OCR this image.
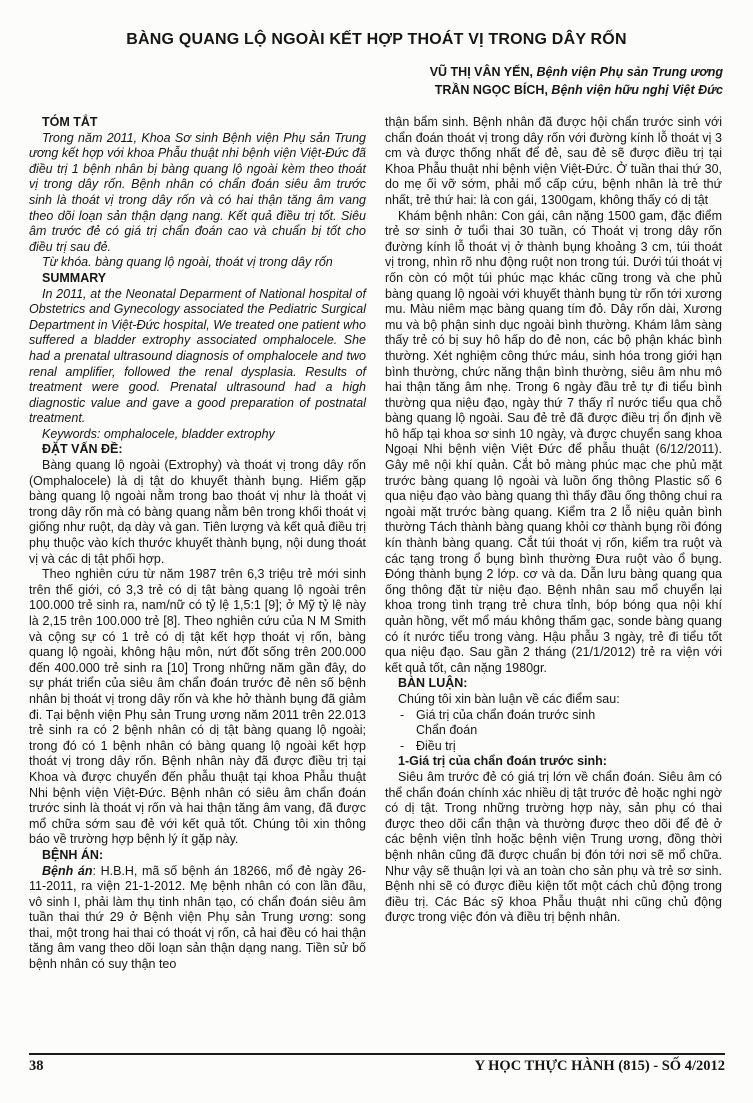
BÀNG QUANG LỘ NGOÀI KẾT HỢP THOÁT VỊ TRONG DÂY RỐN
VŨ THỊ VÂN YẾN, Bệnh viện Phụ sản Trung ương
TRẦN NGỌC BÍCH, Bệnh viện hữu nghị Việt Đức
TÓM TẮT

Trong năm 2011, Khoa Sơ sinh Bệnh viện Phụ sản Trung ương kết hợp với khoa Phẫu thuật nhi bệnh viện Việt-Đức đã điều trị 1 bệnh nhân bị bàng quang lộ ngoài kèm theo thoát vị trong dây rốn. Bệnh nhân có chẩn đoán siêu âm trước sinh là thoát vị trong dây rốn và có hai thận tăng âm vang theo dõi loạn sản thận dạng nang. Kết quả điều trị tốt. Siêu âm trước đẻ có giá trị chẩn đoán cao và chuẩn bị tốt cho điều trị sau đẻ.

Từ khóa. bàng quang lộ ngoài, thoát vị trong dây rốn

SUMMARY

In 2011, at the Neonatal Deparment of National hospital of Obstetrics and Gynecology associated the Pediatric Surgical Department in Việt-Đức hospital, We treated one patient who suffered a bladder extrophy associated omphalocele. She had a prenatal ultrasound diagnosis of omphalocele and two renal amplifier, followed the renal dysplasia. Results of treatment were good. Prenatal ultrasound had a high diagnostic value and gave a good preparation of postnatal treatment.

Keywords: omphalocele, bladder extrophy

ĐẶT VẤN ĐỀ:

Bàng quang lộ ngoài (Extrophy) và thoát vị trong dây rốn (Omphalocele) là dị tật do khuyết thành bụng. Hiếm gặp bàng quang lộ ngoài nằm trong bao thoát vị như là thoát vị trong dây rốn mà có bàng quang nằm bên trong khối thoát vị giống như ruột, dạ dày và gan. Tiên lượng và kết quả điều trị phụ thuộc vào kích thước khuyết thành bụng, nội dung thoát vị và các dị tật phối hợp.

Theo nghiên cứu từ năm 1987 trên 6,3 triệu trẻ mới sinh trên thế giới, có 3,3 trẻ có dị tật bàng quang lộ ngoài trên 100.000 trẻ sinh ra, nam/nữ có tỷ lệ 1,5:1 [9]; ở Mỹ tỷ lệ này là 2,15 trên 100.000 trẻ [8]. Theo nghiên cứu của N M Smith và cộng sự có 1 trẻ có dị tật kết hợp thoát vị rốn, bàng quang lộ ngoài, không hậu môn, nứt đốt sống trên 200.000 đến 400.000 trẻ sinh ra [10] Trong những năm gần đây, do sự phát triển của siêu âm chẩn đoán trước đẻ nên số bệnh nhân bị thoát vị trong dây rốn và khe hở thành bụng đã giảm đi. Tại bệnh viện Phụ sản Trung ương năm 2011 trên 22.013 trẻ sinh ra có 2 bệnh nhân có dị tật bàng quang lộ ngoài; trong đó có 1 bệnh nhân có bàng quang lộ ngoài kết hợp thoát vị trong dây rốn. Bệnh nhân này đã được điều trị tại Khoa và được chuyển đến phẫu thuật tại khoa Phẫu thuật Nhi bệnh viện Việt-Đức. Bệnh nhân có siêu âm chẩn đoán trước sinh là thoát vị rốn và hai thận tăng âm vang, đã được mổ chữa sớm sau đẻ với kết quả tốt. Chúng tôi xin thông báo về trường hợp bệnh lý ít gặp này.

BỆNH ÁN:

Bệnh án: H.B.H, mã số bệnh án 18266, mổ đẻ ngày 26-11-2011, ra viện 21-1-2012. Mẹ bệnh nhân có con lần đầu, vô sinh I, phải làm thụ tinh nhân tạo, có chẩn đoán siêu âm tuần thai thứ 29 ở Bệnh viện Phụ sản Trung ương: song thai, một trong hai thai có thoát vị rốn, cả hai đều có hai thận tăng âm vang theo dõi loạn sản thận dạng nang. Tiền sử bố bệnh nhân có suy thận teo

thận bẩm sinh. Bệnh nhân đã được hội chẩn trước sinh với chẩn đoán thoát vị trong dây rốn với đường kính lỗ thoát vị 3 cm và được thống nhất để đẻ, sau đẻ sẽ được điều trị tại Khoa Phẫu thuật nhi bệnh viện Việt-Đức. Ở tuần thai thứ 30, do mẹ ối vỡ sớm, phải mổ cấp cứu, bệnh nhân là trẻ thứ nhất, trẻ thứ hai: là con gái, 1300gam, không thấy có dị tật

Khám bệnh nhân: Con gái, cân nặng 1500 gam, đặc điểm trẻ sơ sinh ở tuổi thai 30 tuần, có Thoát vị trong dây rốn đường kính lỗ thoát vị ở thành bụng khoảng 3 cm, túi thoát vị trong, nhìn rõ nhu động ruột non trong túi. Dưới túi thoát vị rốn còn có một túi phúc mạc khác cũng trong và che phủ bàng quang lộ ngoài với khuyết thành bụng từ rốn tới xương mu. Màu niêm mạc bàng quang tím đỏ. Dây rốn dài, Xương mu và bộ phận sinh dục ngoài bình thường. Khám lâm sàng thấy trẻ có bị suy hô hấp do đẻ non, các bộ phận khác bình thường. Xét nghiệm công thức máu, sinh hóa trong giới hạn bình thường, chức năng thận bình thường, siêu âm nhu mô hai thận tăng âm nhẹ. Trong 6 ngày đầu trẻ tự đi tiểu bình thường qua niệu đạo, ngày thứ 7 thấy rỉ nước tiểu qua chỗ bàng quang lộ ngoài. Sau đẻ trẻ đã được điều trị ổn định về hô hấp tại khoa sơ sinh 10 ngày, và được chuyển sang khoa Ngoại Nhi bệnh viện Việt Đức để phẫu thuật (6/12/2011). Gây mê nội khí quản. Cắt bỏ màng phúc mạc che phủ mặt trước bàng quang lộ ngoài và luồn ống thông Plastic số 6 qua niệu đạo vào bàng quang thì thấy đầu ống thông chui ra ngoài mặt trước bàng quang. Kiểm tra 2 lỗ niệu quản bình thường Tách thành bàng quang khỏi cơ thành bụng rồi đóng kín thành bàng quang. Cắt túi thoát vị rốn, kiểm tra ruột và các tạng trong ổ bụng bình thường Đưa ruột vào ổ bụng. Đóng thành bụng 2 lớp. cơ và da. Dẫn lưu bàng quang qua ống thông đặt từ niệu đạo. Bệnh nhân sau mổ chuyển lại khoa trong tình trạng trẻ chưa tỉnh, bóp bóng qua nội khí quản hồng, vết mổ máu không thấm gạc, sonde bàng quang có ít nước tiểu trong vàng. Hậu phẫu 3 ngày, trẻ đi tiểu tốt qua niệu đạo. Sau gần 2 tháng (21/1/2012) trẻ ra viện với kết quả tốt, cân nặng 1980gr.

BÀN LUẬN:

Chúng tôi xin bàn luận về các điểm sau:

- Giá trị của chẩn đoán trước sinh
Chẩn đoán
- Điều trị
1-Giá trị của chẩn đoán trước sinh:

Siêu âm trước đẻ có giá trị lớn về chẩn đoán. Siêu âm có thể chẩn đoán chính xác nhiều dị tật trước đẻ hoặc nghi ngờ có dị tật. Trong những trường hợp này, sản phụ có thai được theo dõi cẩn thận và thường được theo dõi để đẻ ở các bệnh viện tỉnh hoặc bệnh viện Trung ương, đồng thời bệnh nhân cũng đã được chuẩn bị đón tới nơi sẽ mổ chữa. Như vậy sẽ thuận lợi và an toàn cho sản phụ và trẻ sơ sinh. Bệnh nhi sẽ có được điều kiện tốt một cách chủ động trong điều trị. Các Bác sỹ khoa Phẫu thuật nhi cũng chủ động được trong việc đón và điều trị bệnh nhân.

38	Y HỌC THỰC HÀNH (815) - SỐ 4/2012
